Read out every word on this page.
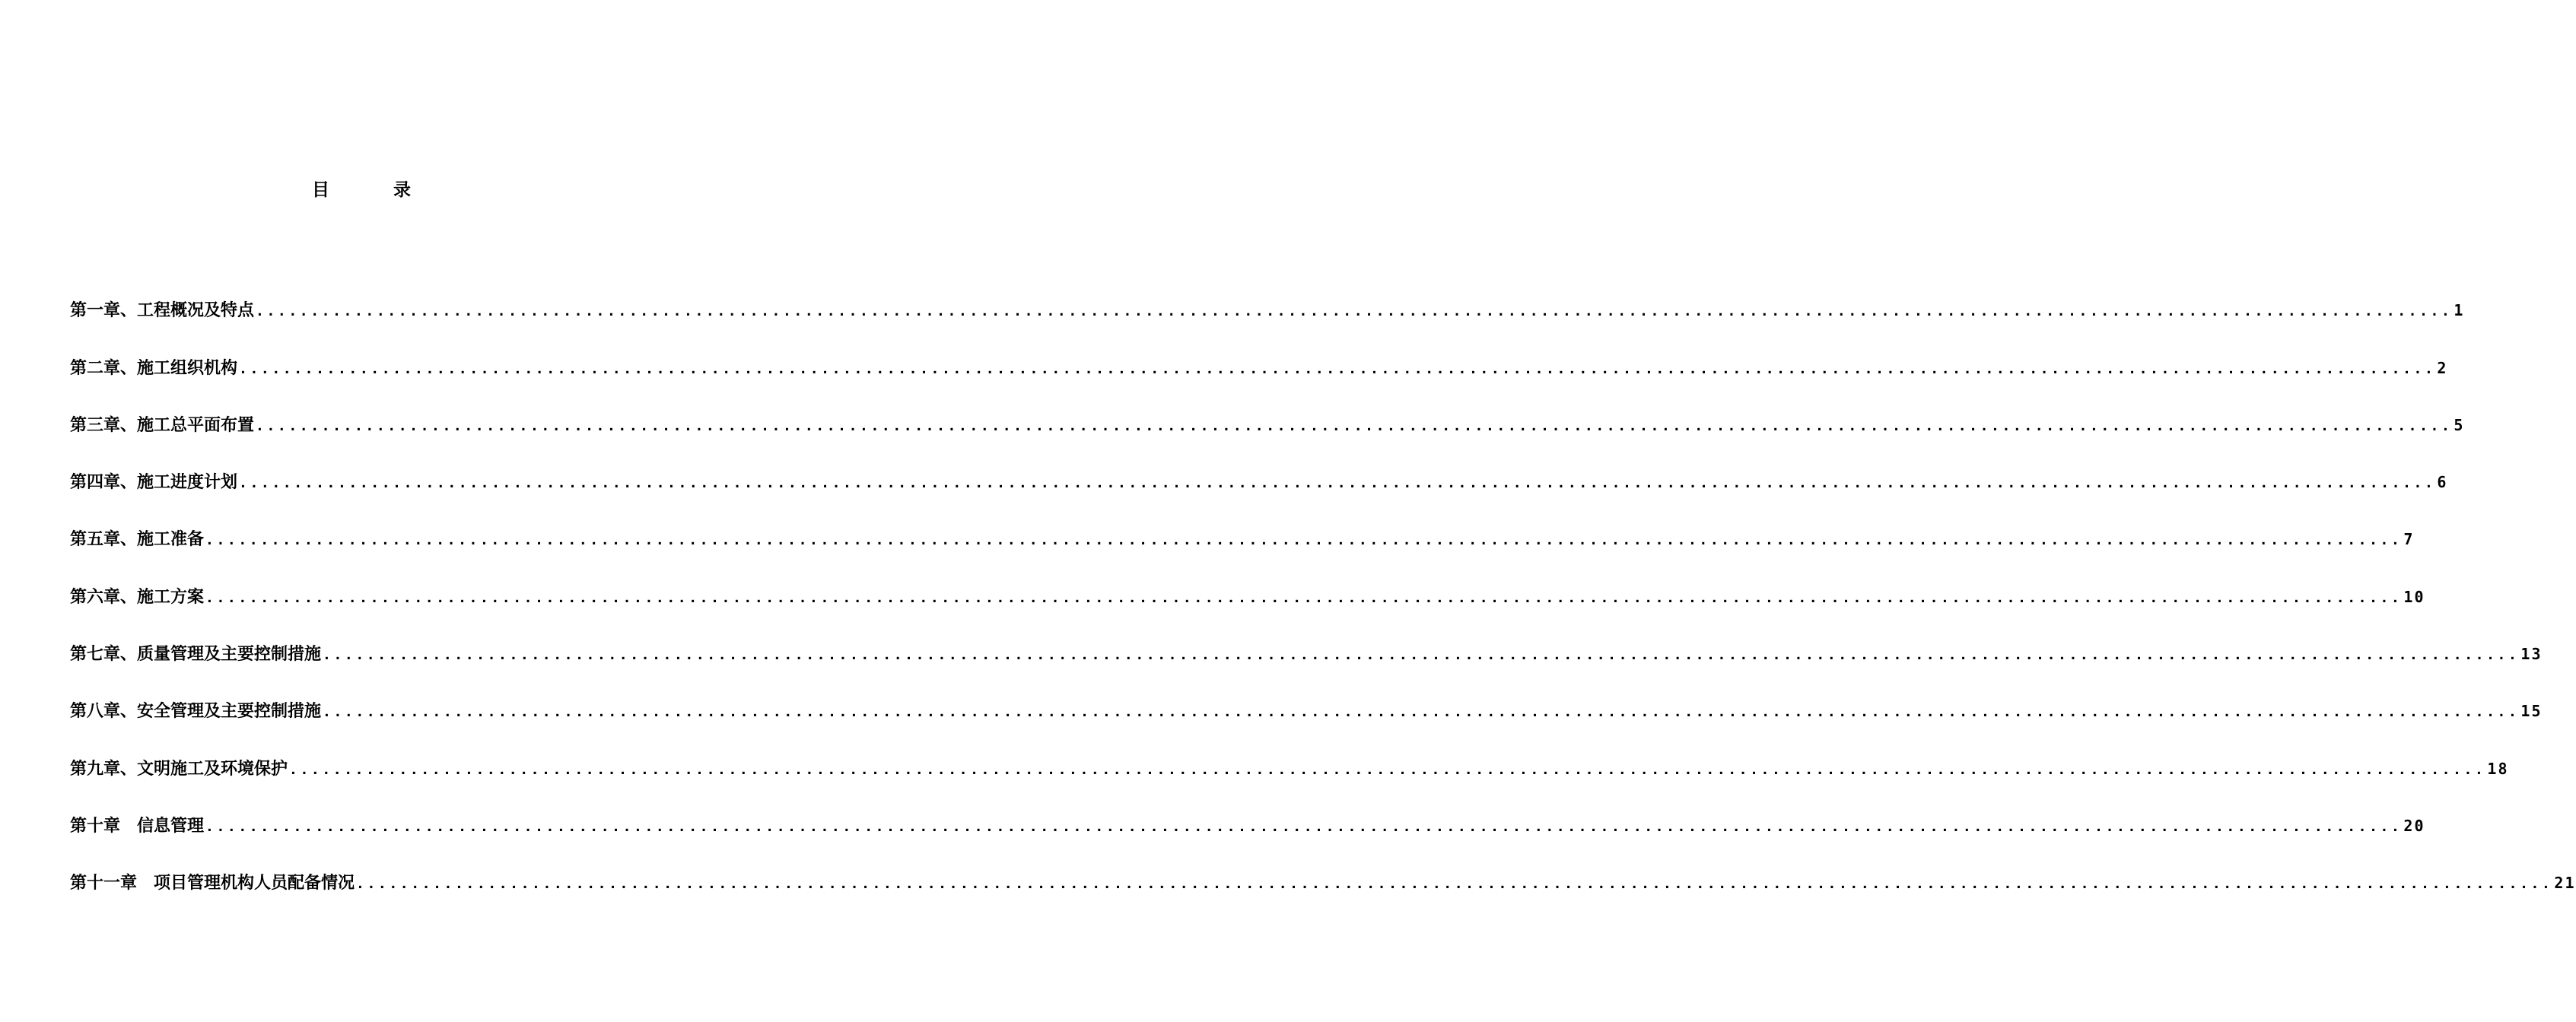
目 录
第一章、工程概况及特点 ........................................................................................................................................................................................................ 1
第二章、施工组织机构 ........................................................................................................................................................................................................ 2
第三章、施工总平面布置 ........................................................................................................................................................................................................ 5
第四章、施工进度计划 ........................................................................................................................................................................................................ 6
第五章、施工准备 ........................................................................................................................................................................................................ 7
第六章、施工方案 ........................................................................................................................................................................................................ 10
第七章、质量管理及主要控制措施 ........................................................................................................................................................................................................ 13
第八章、安全管理及主要控制措施 ........................................................................................................................................................................................................ 15
第九章、文明施工及环境保护 ........................................................................................................................................................................................................ 18
第十章　信息管理 ........................................................................................................................................................................................................ 20
第十一章　项目管理机构人员配备情况 ........................................................................................................................................................................................................ 21
